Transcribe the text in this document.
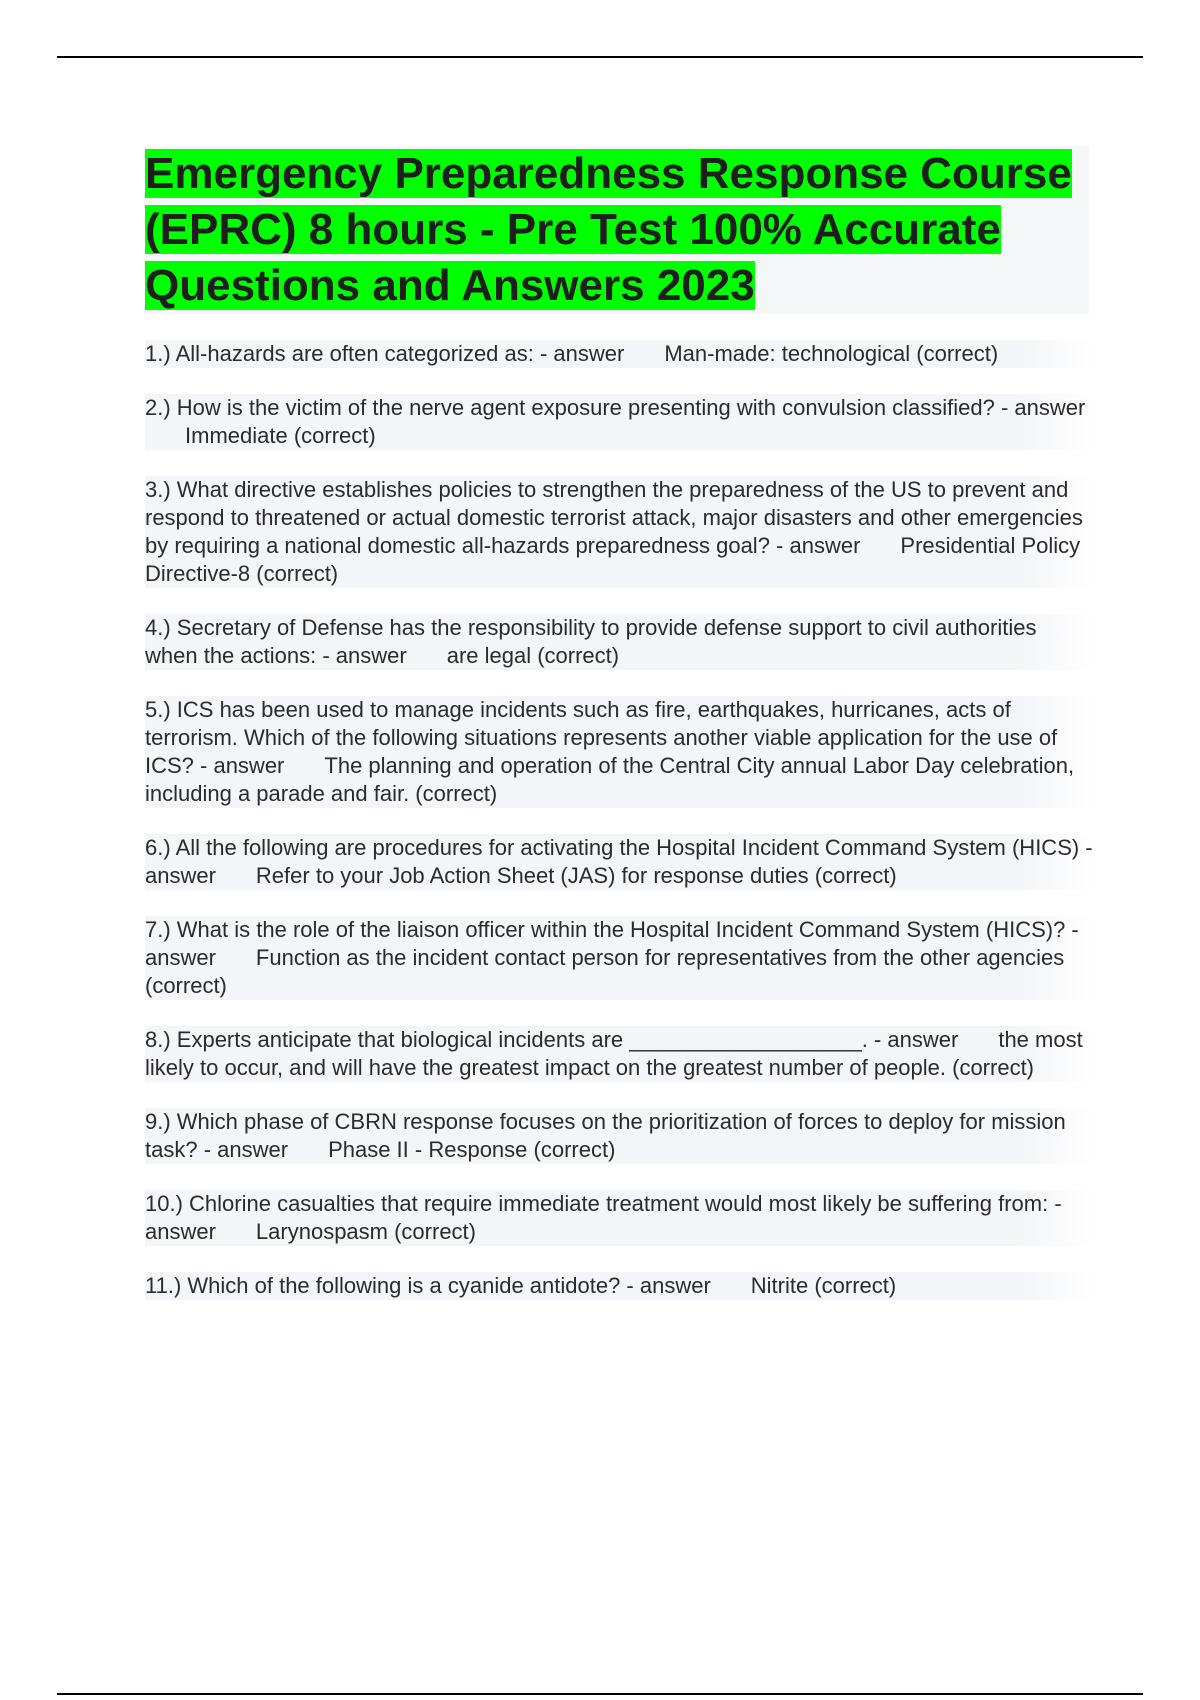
Emergency Preparedness Response Course (EPRC) 8 hours - Pre Test 100% Accurate Questions and Answers 2023

1.) All-hazards are often categorized as: - answer Man-made: technological (correct)

2.) How is the victim of the nerve agent exposure presenting with convulsion classified? - answerImmediate (correct)

3.) What directive establishes policies to strengthen the preparedness of the US to prevent and respond to threatened or actual domestic terrorist attack, major disasters and other emergencies by requiring a national domestic all-hazards preparedness goal? - answer Presidential Policy Directive-8 (correct)

4.) Secretary of Defense has the responsibility to provide defense support to civil authorities when the actions: - answer are legal (correct)

5.) ICS has been used to manage incidents such as fire, earthquakes, hurricanes, acts of terrorism. Which of the following situations represents another viable application for the use of ICS? - answer The planning and operation of the Central City annual Labor Day celebration, including a parade and fair. (correct)

6.) All the following are procedures for activating the Hospital Incident Command System (HICS) - answer Refer to your Job Action Sheet (JAS) for response duties (correct)

7.) What is the role of the liaison officer within the Hospital Incident Command System (HICS)? - answer Function as the incident contact person for representatives from the other agencies (correct)

8.) Experts anticipate that biological incidents are ___________________. - answer the most likely to occur, and will have the greatest impact on the greatest number of people. (correct)

9.) Which phase of CBRN response focuses on the prioritization of forces to deploy for mission task? - answer Phase II - Response (correct)

10.) Chlorine casualties that require immediate treatment would most likely be suffering from: - answer Larynospasm (correct)

11.) Which of the following is a cyanide antidote? - answer Nitrite (correct)
